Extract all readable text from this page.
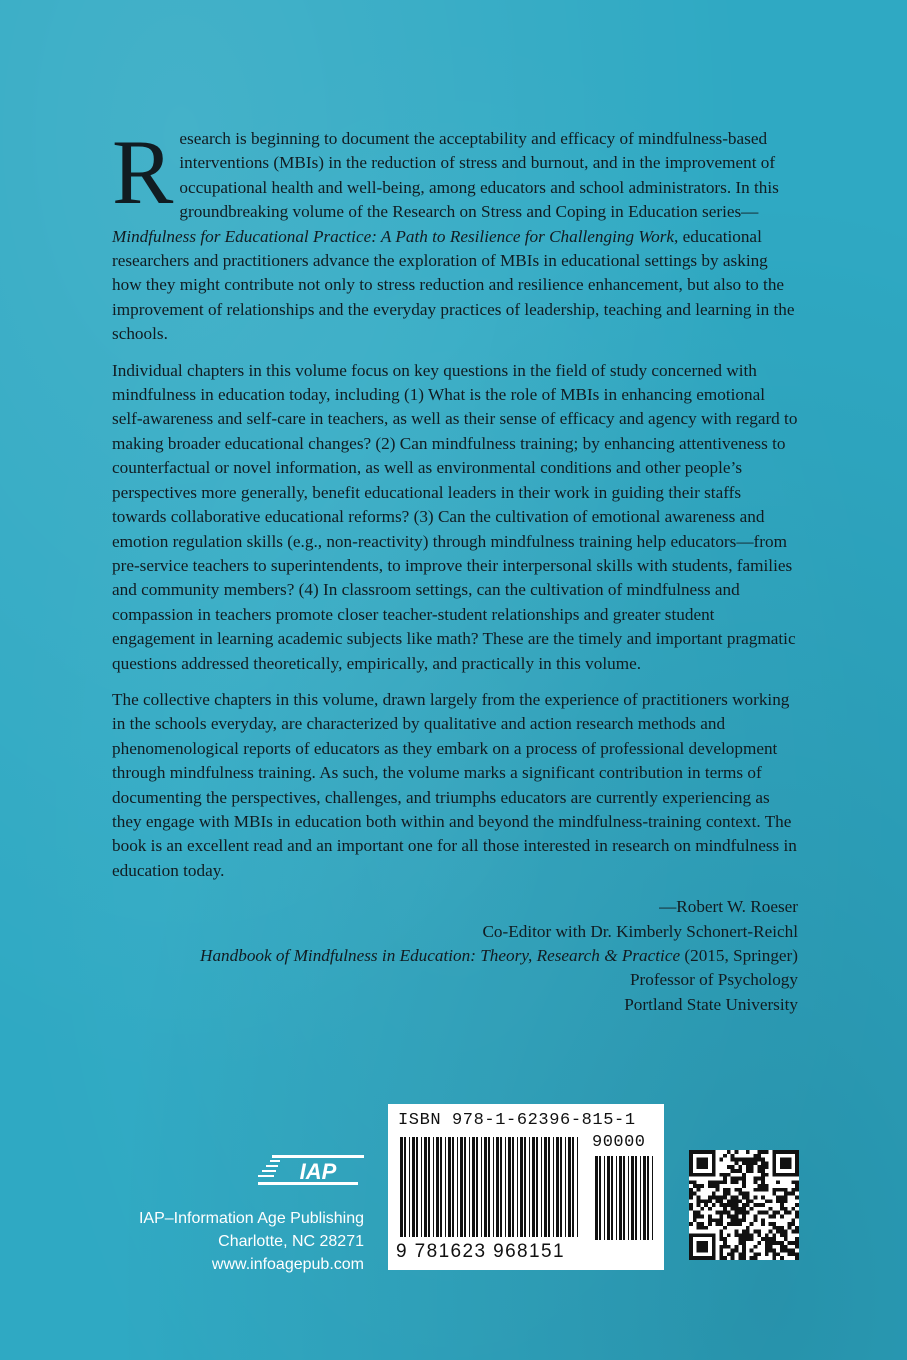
Research is beginning to document the acceptability and efficacy of mindfulness-based interventions (MBIs) in the reduction of stress and burnout, and in the improvement of occupational health and well-being, among educators and school administrators. In this groundbreaking volume of the Research on Stress and Coping in Education series—Mindfulness for Educational Practice: A Path to Resilience for Challenging Work, educational researchers and practitioners advance the exploration of MBIs in educational settings by asking how they might contribute not only to stress reduction and resilience enhancement, but also to the improvement of relationships and the everyday practices of leadership, teaching and learning in the schools.

Individual chapters in this volume focus on key questions in the field of study concerned with mindfulness in education today, including (1) What is the role of MBIs in enhancing emotional self-awareness and self-care in teachers, as well as their sense of efficacy and agency with regard to making broader educational changes? (2) Can mindfulness training; by enhancing attentiveness to counterfactual or novel information, as well as environmental conditions and other people’s perspectives more generally, benefit educational leaders in their work in guiding their staffs towards collaborative educational reforms? (3) Can the cultivation of emotional awareness and emotion regulation skills (e.g., non-reactivity) through mindfulness training help educators—from pre-service teachers to superintendents, to improve their interpersonal skills with students, families and community members? (4) In classroom settings, can the cultivation of mindfulness and compassion in teachers promote closer teacher-student relationships and greater student engagement in learning academic subjects like math? These are the timely and important pragmatic questions addressed theoretically, empirically, and practically in this volume.

The collective chapters in this volume, drawn largely from the experience of practitioners working in the schools everyday, are characterized by qualitative and action research methods and phenomenological reports of educators as they embark on a process of professional development through mindfulness training. As such, the volume marks a significant contribution in terms of documenting the perspectives, challenges, and triumphs educators are currently experiencing as they engage with MBIs in education both within and beyond the mindfulness-training context. The book is an excellent read and an important one for all those interested in research on mindfulness in education today.

—Robert W. Roeser
Co-Editor with Dr. Kimberly Schonert-Reichl
Handbook of Mindfulness in Education: Theory, Research & Practice (2015, Springer)
Professor of Psychology
Portland State University
IAP
IAP–Information Age Publishing
Charlotte, NC 28271
www.infoagepub.com
ISBN 978-1-62396-815-1
90000
9 781623 968151
